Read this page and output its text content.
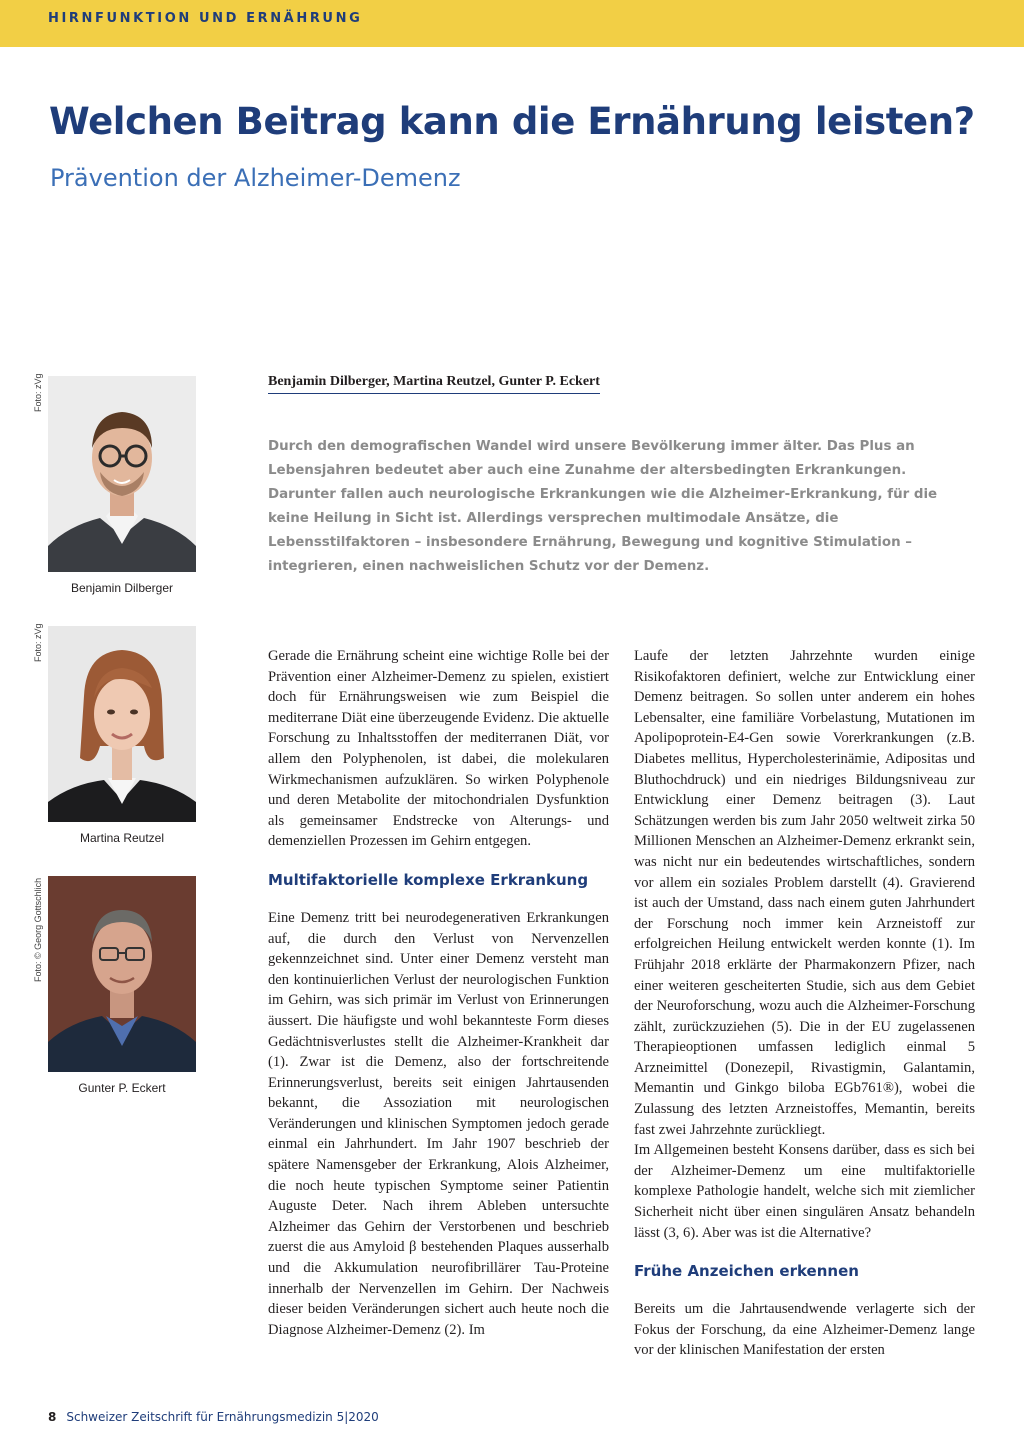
HIRNFUNKTION UND ERNÄHRUNG
Welchen Beitrag kann die Ernährung leisten?

Prävention der Alzheimer-Demenz

Foto: zVg
Benjamin Dilberger
Foto: zVg
Martina Reutzel
Foto: © Georg Gottschlich
Gunter P. Eckert

Benjamin Dilberger, Martina Reutzel, Gunter P. Eckert

Durch den demografischen Wandel wird unsere Bevölkerung immer älter. Das Plus an Lebensjahren bedeutet aber auch eine Zunahme der altersbedingten Erkrankungen. Darunter fallen auch neurologische Erkrankungen wie die Alzheimer-Erkrankung, für die keine Heilung in Sicht ist. Allerdings versprechen multimodale Ansätze, die Lebensstilfaktoren – insbesondere Ernährung, Bewegung und kognitive Stimulation – integrieren, einen nachweislichen Schutz vor der Demenz.

Gerade die Ernährung scheint eine wichtige Rolle bei der Prävention einer Alzheimer-Demenz zu spielen, existiert doch für Ernährungsweisen wie zum Beispiel die mediterrane Diät eine überzeugende Evidenz. Die aktuelle Forschung zu Inhaltsstoffen der mediterranen Diät, vor allem den Polyphenolen, ist dabei, die molekularen Wirkmechanismen aufzuklären. So wirken Polyphenole und deren Metabolite der mitochondrialen Dysfunktion als gemeinsamer Endstrecke von Alterungs- und demenziellen Prozessen im Gehirn entgegen.

Multifaktorielle komplexe Erkrankung

Eine Demenz tritt bei neurodegenerativen Erkrankungen auf, die durch den Verlust von Nervenzellen gekennzeichnet sind. Unter einer Demenz versteht man den kontinuierlichen Verlust der neurologischen Funktion im Gehirn, was sich primär im Verlust von Erinnerungen äussert. Die häufigste und wohl bekannteste Form dieses Gedächtnisverlustes stellt die Alzheimer-Krankheit dar (1). Zwar ist die Demenz, also der fortschreitende Erinnerungsverlust, bereits seit einigen Jahrtausenden bekannt, die Assoziation mit neurologischen Veränderungen und klinischen Symptomen jedoch gerade einmal ein Jahrhundert. Im Jahr 1907 beschrieb der spätere Namensgeber der Erkrankung, Alois Alzheimer, die noch heute typischen Symptome seiner Patientin Auguste Deter. Nach ihrem Ableben untersuchte Alzheimer das Gehirn der Verstorbenen und beschrieb zuerst die aus Amyloid β bestehenden Plaques ausserhalb und die Akkumulation neurofibrillärer Tau-Proteine innerhalb der Nervenzellen im Gehirn. Der Nachweis dieser beiden Veränderungen sichert auch heute noch die Diagnose Alzheimer-Demenz (2). Im

Laufe der letzten Jahrzehnte wurden einige Risikofaktoren definiert, welche zur Entwicklung einer Demenz beitragen. So sollen unter anderem ein hohes Lebensalter, eine familiäre Vorbelastung, Mutationen im Apolipoprotein-E4-Gen sowie Vorerkrankungen (z.B. Diabetes mellitus, Hypercholesterinämie, Adipositas und Bluthochdruck) und ein niedriges Bildungsniveau zur Entwicklung einer Demenz beitragen (3). Laut Schätzungen werden bis zum Jahr 2050 weltweit zirka 50 Millionen Menschen an Alzheimer-Demenz erkrankt sein, was nicht nur ein bedeutendes wirtschaftliches, sondern vor allem ein soziales Problem darstellt (4). Gravierend ist auch der Umstand, dass nach einem guten Jahrhundert der Forschung noch immer kein Arzneistoff zur erfolgreichen Heilung entwickelt werden konnte (1). Im Frühjahr 2018 erklärte der Pharmakonzern Pfizer, nach einer weiteren gescheiterten Studie, sich aus dem Gebiet der Neuroforschung, wozu auch die Alzheimer-Forschung zählt, zurückzuziehen (5). Die in der EU zugelassenen Therapieoptionen umfassen lediglich einmal 5 Arzneimittel (Donezepil, Rivastigmin, Galantamin, Memantin und Ginkgo biloba EGb761®), wobei die Zulassung des letzten Arzneistoffes, Memantin, bereits fast zwei Jahrzehnte zurückliegt.

Im Allgemeinen besteht Konsens darüber, dass es sich bei der Alzheimer-Demenz um eine multifaktorielle komplexe Pathologie handelt, welche sich mit ziemlicher Sicherheit nicht über einen singulären Ansatz behandeln lässt (3, 6). Aber was ist die Alternative?

Frühe Anzeichen erkennen

Bereits um die Jahrtausendwende verlagerte sich der Fokus der Forschung, da eine Alzheimer-Demenz lange vor der klinischen Manifestation der ersten

8 Schweizer Zeitschrift für Ernährungsmedizin 5|2020
